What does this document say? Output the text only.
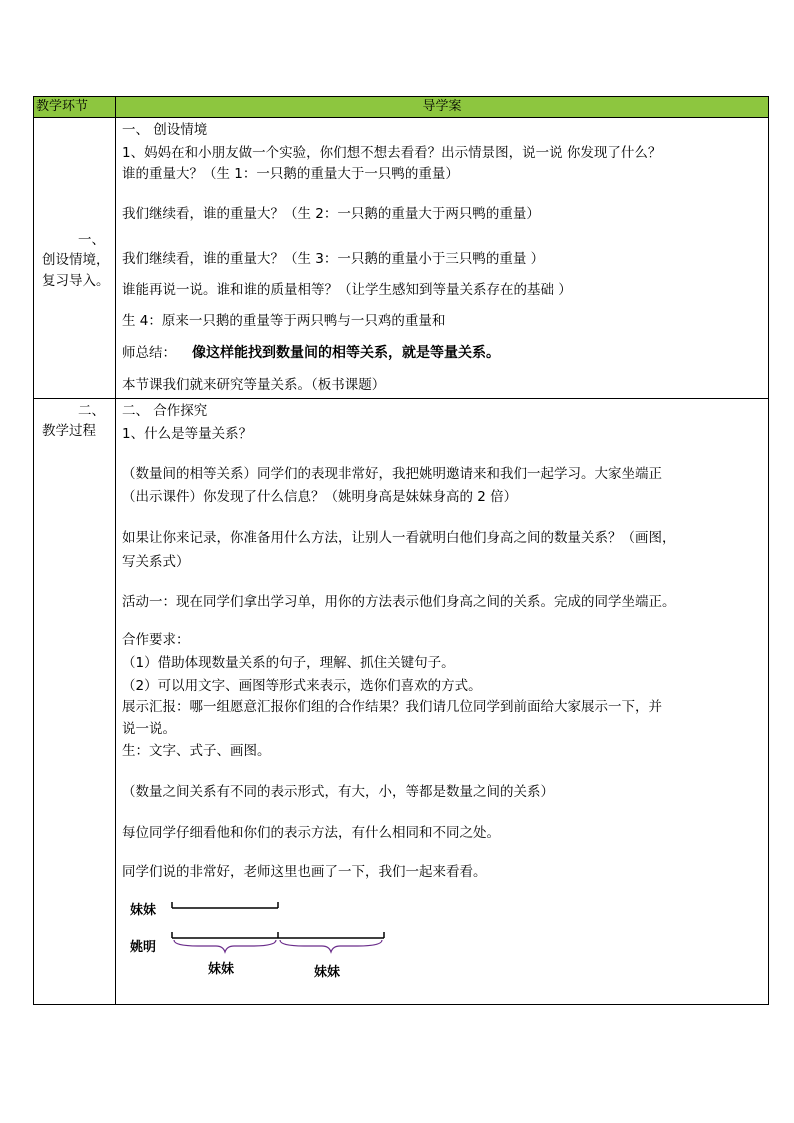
教学环节	导学案
一、
创设情境，
复习导入。
二、
教学过程
一、 创设情境
1、妈妈在和小朋友做一个实验，你们想不想去看看？出示情景图，说一说 你发现了什么？
谁的重量大？（生 1：一只鹅的重量大于一只鸭的重量）
我们继续看，谁的重量大？（生 2：一只鹅的重量大于两只鸭的重量）
我们继续看，谁的重量大？（生 3：一只鹅的重量小于三只鸭的重量 ）
谁能再说一说。谁和谁的质量相等？（让学生感知到等量关系存在的基础 ）
生 4：原来一只鹅的重量等于两只鸭与一只鸡的重量和
师总结： 像这样能找到数量间的相等关系，就是等量关系。
本节课我们就来研究等量关系。（板书课题）
二、 合作探究
1、什么是等量关系？
（数量间的相等关系）同学们的表现非常好，我把姚明邀请来和我们一起学习。大家坐端正
（出示课件）你发现了什么信息？（姚明身高是妹妹身高的 2 倍）
如果让你来记录，你准备用什么方法，让别人一看就明白他们身高之间的数量关系？（画图，
写关系式）
活动一：现在同学们拿出学习单，用你的方法表示他们身高之间的关系。完成的同学坐端正。
合作要求：
（1）借助体现数量关系的句子，理解、抓住关键句子。
（2）可以用文字、画图等形式来表示，选你们喜欢的方式。
展示汇报：哪一组愿意汇报你们组的合作结果？我们请几位同学到前面给大家展示一下，并
说一说。
生：文字、式子、画图。
（数量之间关系有不同的表示形式，有大，小，等都是数量之间的关系）
每位同学仔细看他和你们的表示方法，有什么相同和不同之处。
同学们说的非常好，老师这里也画了一下，我们一起来看看。
妹妹
姚明
妹妹	妹妹
